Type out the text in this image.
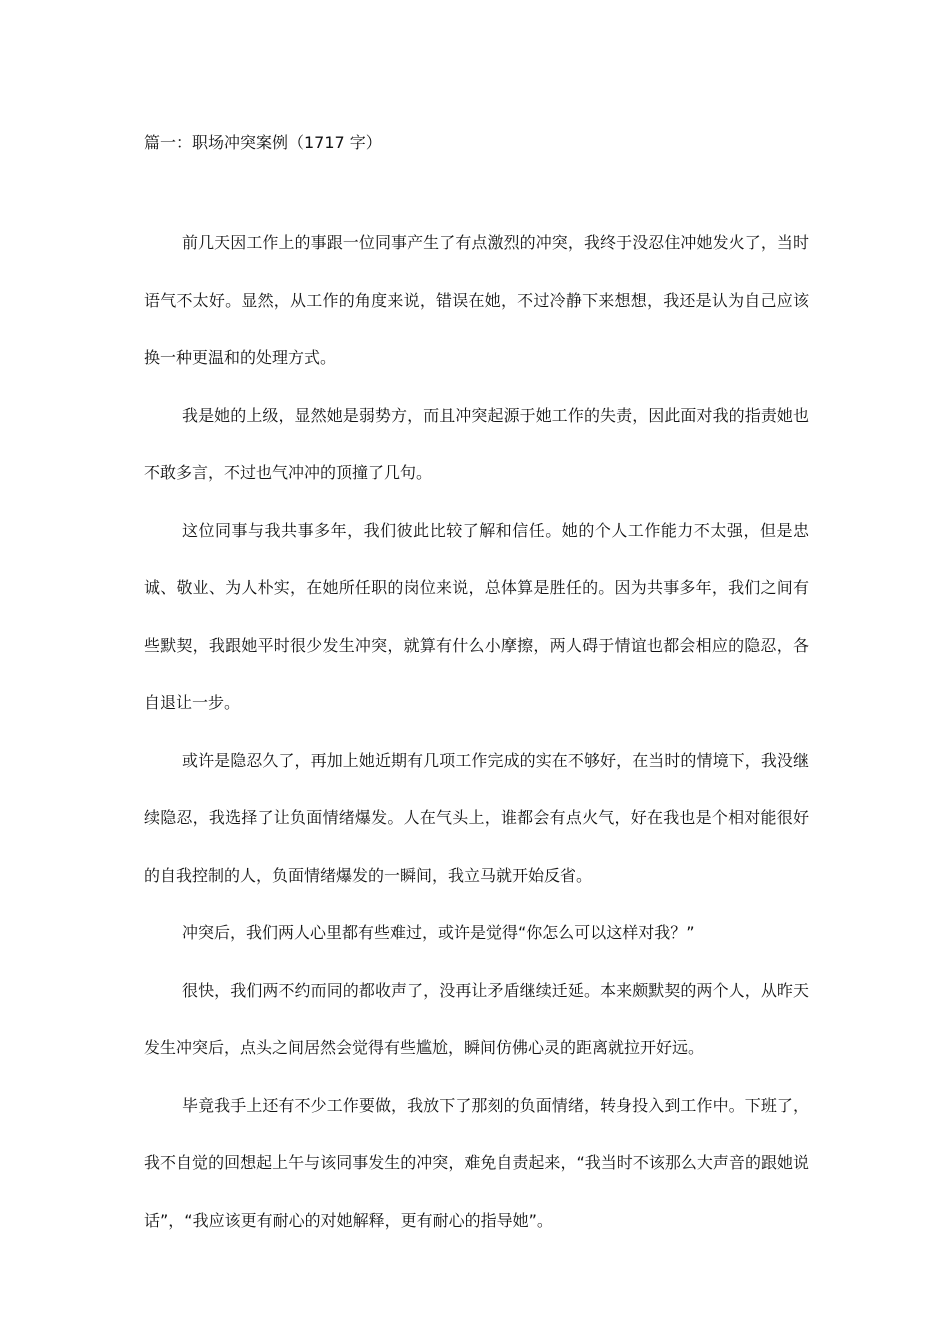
篇一：职场冲突案例（1717 字）

前几天因工作上的事跟一位同事产生了有点激烈的冲突，我终于没忍住冲她发火了，当时语气不太好。显然，从工作的角度来说，错误在她，不过冷静下来想想，我还是认为自己应该换一种更温和的处理方式。

我是她的上级，显然她是弱势方，而且冲突起源于她工作的失责，因此面对我的指责她也不敢多言，不过也气冲冲的顶撞了几句。

这位同事与我共事多年，我们彼此比较了解和信任。她的个人工作能力不太强，但是忠诚、敬业、为人朴实，在她所任职的岗位来说，总体算是胜任的。因为共事多年，我们之间有些默契，我跟她平时很少发生冲突，就算有什么小摩擦，两人碍于情谊也都会相应的隐忍，各自退让一步。

或许是隐忍久了，再加上她近期有几项工作完成的实在不够好，在当时的情境下，我没继续隐忍，我选择了让负面情绪爆发。人在气头上，谁都会有点火气，好在我也是个相对能很好的自我控制的人，负面情绪爆发的一瞬间，我立马就开始反省。

冲突后，我们两人心里都有些难过，或许是觉得“你怎么可以这样对我？”

很快，我们两不约而同的都收声了，没再让矛盾继续迁延。本来颇默契的两个人，从昨天发生冲突后，点头之间居然会觉得有些尴尬，瞬间仿佛心灵的距离就拉开好远。

毕竟我手上还有不少工作要做，我放下了那刻的负面情绪，转身投入到工作中。下班了，我不自觉的回想起上午与该同事发生的冲突，难免自责起来，“我当时不该那么大声音的跟她说话”，“我应该更有耐心的对她解释，更有耐心的指导她”。
